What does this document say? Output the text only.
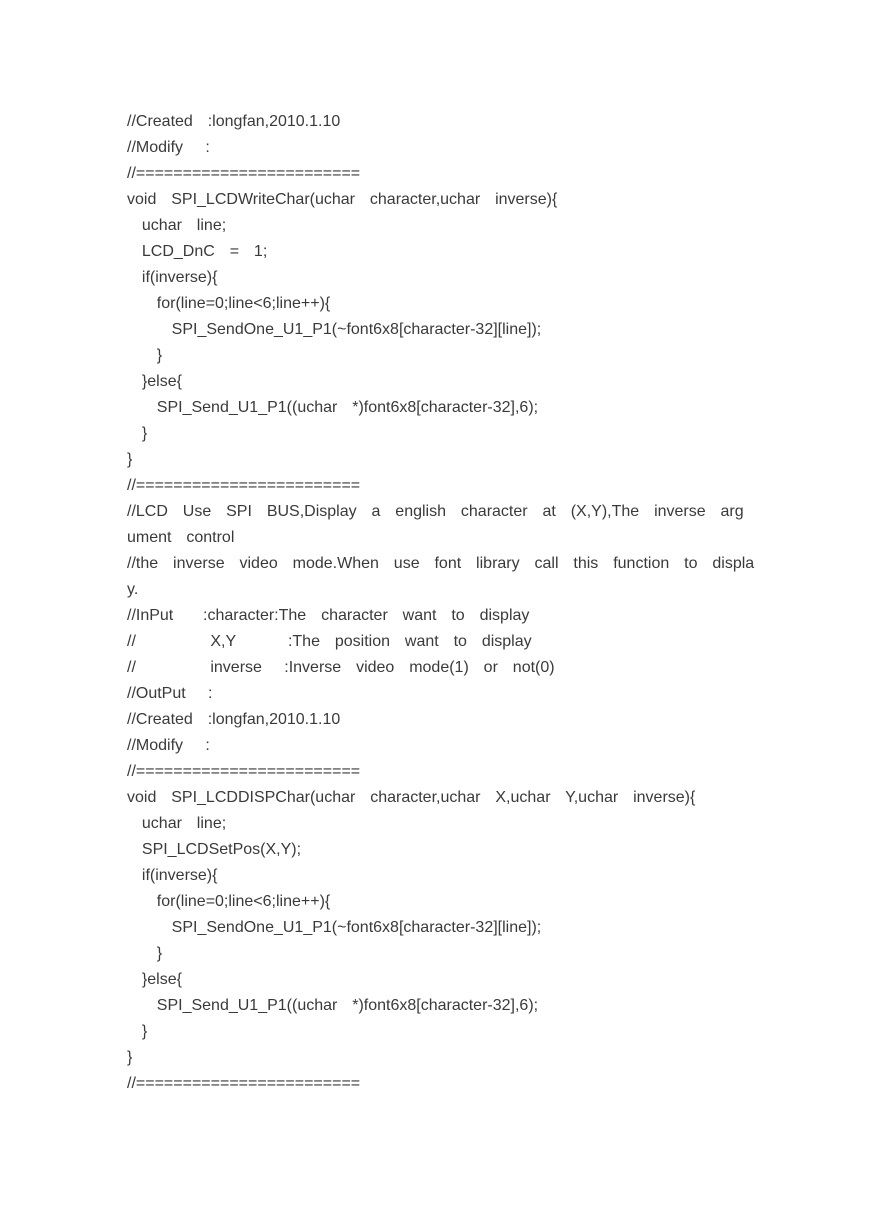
//Created  :longfan,2010.1.10
//Modify   :
//========================
void  SPI_LCDWriteChar(uchar  character,uchar  inverse){
uchar  line;
LCD_DnC  =  1;
if(inverse){
for(line=0;line<6;line++){
SPI_SendOne_U1_P1(~font6x8[character-32][line]);
}
}else{
SPI_Send_U1_P1((uchar  *)font6x8[character-32],6);
}
}
//========================
//LCD  Use  SPI  BUS,Display  a  english  character  at  (X,Y),The  inverse  arg
ument  control
//the  inverse  video  mode.When  use  font  library  call  this  function  to  displa
y.
//InPut    :character:The  character  want  to  display
//          X,Y       :The  position  want  to  display
//          inverse   :Inverse  video  mode(1)  or  not(0)
//OutPut   :
//Created  :longfan,2010.1.10
//Modify   :
//========================
void  SPI_LCDDISPChar(uchar  character,uchar  X,uchar  Y,uchar  inverse){
uchar  line;
SPI_LCDSetPos(X,Y);
if(inverse){
for(line=0;line<6;line++){
SPI_SendOne_U1_P1(~font6x8[character-32][line]);
}
}else{
SPI_Send_U1_P1((uchar  *)font6x8[character-32],6);
}
}
//========================
